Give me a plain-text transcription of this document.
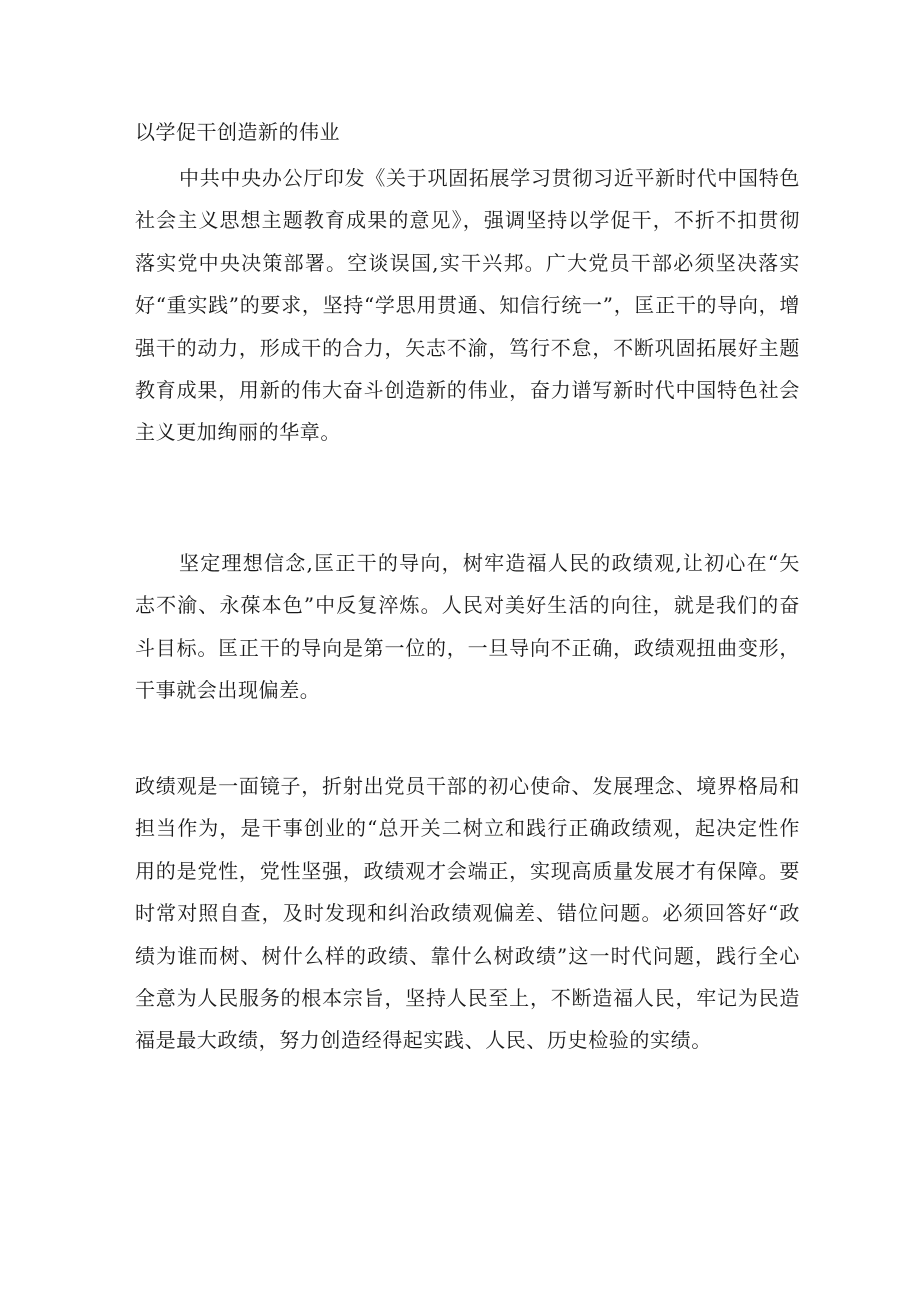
以学促干创造新的伟业

中共中央办公厅印发《关于巩固拓展学习贯彻习近平新时代中国特色社会主义思想主题教育成果的意见》，强调坚持以学促干，不折不扣贯彻落实党中央决策部署。空谈误国,实干兴邦。广大党员干部必须坚决落实好“重实践”的要求，坚持“学思用贯通、知信行统一”，匡正干的导向，增强干的动力，形成干的合力，矢志不渝，笃行不怠，不断巩固拓展好主题教育成果，用新的伟大奋斗创造新的伟业，奋力谱写新时代中国特色社会主义更加绚丽的华章。

坚定理想信念,匡正干的导向，树牢造福人民的政绩观,让初心在“矢志不渝、永葆本色”中反复淬炼。人民对美好生活的向往，就是我们的奋斗目标。匡正干的导向是第一位的，一旦导向不正确，政绩观扭曲变形，干事就会出现偏差。

政绩观是一面镜子，折射出党员干部的初心使命、发展理念、境界格局和担当作为，是干事创业的“总开关二树立和践行正确政绩观，起决定性作用的是党性，党性坚强，政绩观才会端正，实现高质量发展才有保障。要时常对照自查，及时发现和纠治政绩观偏差、错位问题。必须回答好“政绩为谁而树、树什么样的政绩、靠什么树政绩”这一时代问题，践行全心全意为人民服务的根本宗旨，坚持人民至上，不断造福人民，牢记为民造福是最大政绩，努力创造经得起实践、人民、历史检验的实绩。
